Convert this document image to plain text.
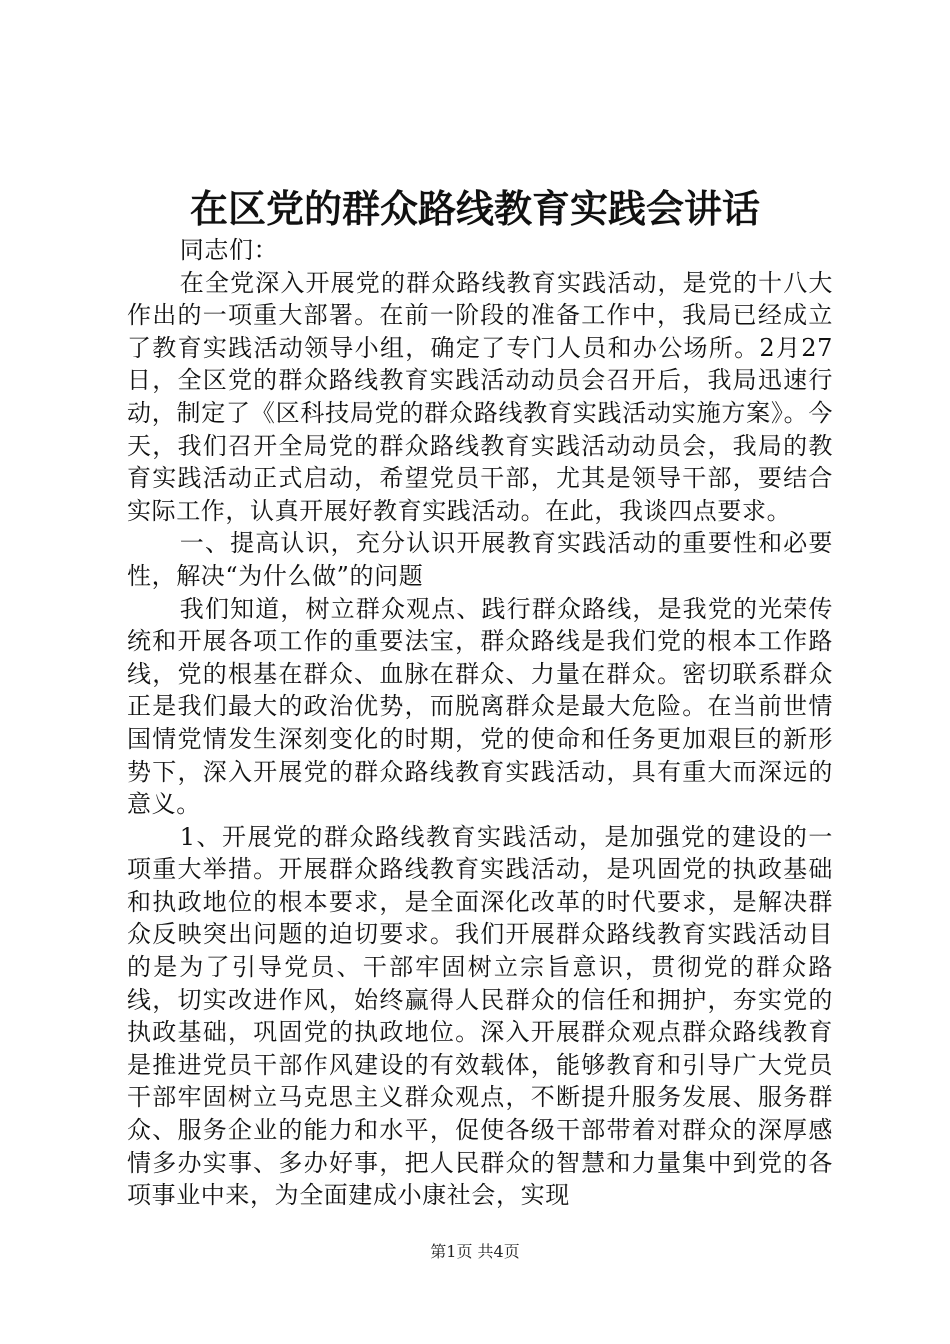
在区党的群众路线教育实践会讲话

同志们：

在全党深入开展党的群众路线教育实践活动，是党的十八大作出的一项重大部署。在前一阶段的准备工作中，我局已经成立了教育实践活动领导小组，确定了专门人员和办公场所。2月27日，全区党的群众路线教育实践活动动员会召开后，我局迅速行动，制定了《区科技局党的群众路线教育实践活动实施方案》。今天，我们召开全局党的群众路线教育实践活动动员会，我局的教育实践活动正式启动，希望党员干部，尤其是领导干部，要结合实际工作，认真开展好教育实践活动。在此，我谈四点要求。

一、提高认识，充分认识开展教育实践活动的重要性和必要性，解决“为什么做”的问题

我们知道，树立群众观点、践行群众路线，是我党的光荣传统和开展各项工作的重要法宝，群众路线是我们党的根本工作路线，党的根基在群众、血脉在群众、力量在群众。密切联系群众正是我们最大的政治优势，而脱离群众是最大危险。在当前世情国情党情发生深刻变化的时期，党的使命和任务更加艰巨的新形势下，深入开展党的群众路线教育实践活动，具有重大而深远的意义。

1、开展党的群众路线教育实践活动，是加强党的建设的一项重大举措。开展群众路线教育实践活动，是巩固党的执政基础和执政地位的根本要求，是全面深化改革的时代要求，是解决群众反映突出问题的迫切要求。我们开展群众路线教育实践活动目的是为了引导党员、干部牢固树立宗旨意识，贯彻党的群众路线，切实改进作风，始终赢得人民群众的信任和拥护，夯实党的执政基础，巩固党的执政地位。深入开展群众观点群众路线教育是推进党员干部作风建设的有效载体，能够教育和引导广大党员干部牢固树立马克思主义群众观点，不断提升服务发展、服务群众、服务企业的能力和水平，促使各级干部带着对群众的深厚感情多办实事、多办好事，把人民群众的智慧和力量集中到党的各项事业中来，为全面建成小康社会，实现

第1页 共4页
